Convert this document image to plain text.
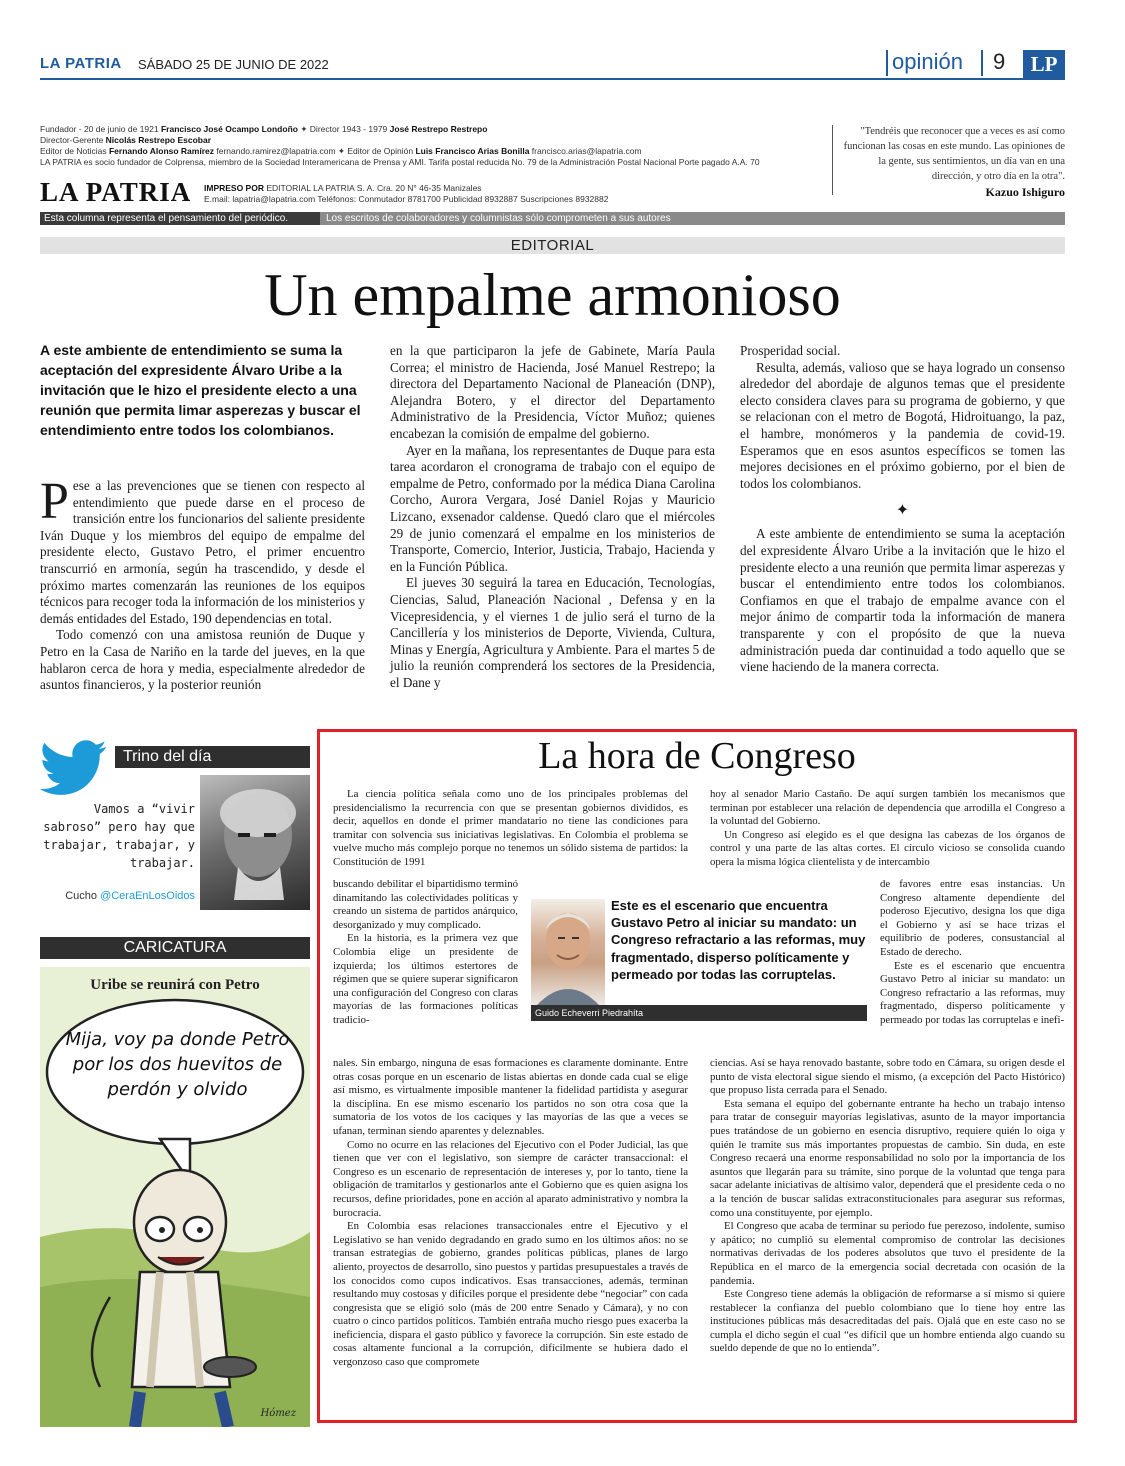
LA PATRIA SÁBADO 25 DE JUNIO DE 2022	opinión 9	LP
Fundador - 20 de junio de 1921 Francisco José Ocampo Londoño ✦ Director 1943 - 1979 José Restrepo Restrepo
Director-Gerente Nicolás Restrepo Escobar
Editor de Noticias Fernando Alonso Ramírez fernando.ramirez@lapatria.com ✦ Editor de Opinión Luis Francisco Arias Bonilla francisco.arias@lapatria.com
LA PATRIA es socio fundador de Colprensa, miembro de la Sociedad Interamericana de Prensa y AMI. Tarifa postal reducida No. 79 de la Administración Postal Nacional Porte pagado A.A. 70
LA PATRIA IMPRESO POR EDITORIAL LA PATRIA S. A. Cra. 20 N° 46-35 Manizales
E.mail: lapatria@lapatria.com Teléfonos: Conmutador 8781700 Publicidad 8932887 Suscripciones 8932882
"Tendréis que reconocer que a veces es así como funcionan las cosas en este mundo. Las opiniones de la gente, sus sentimientos, un día van en una dirección, y otro día en la otra".
Kazuo Ishiguro
Esta columna representa el pensamiento del periódico.	Los escritos de colaboradores y columnistas sólo comprometen a sus autores
EDITORIAL
Un empalme armonioso
A este ambiente de entendimiento se suma la aceptación del expresidente Álvaro Uribe a la invitación que le hizo el presidente electo a una reunión que permita limar asperezas y buscar el entendimiento entre todos los colombianos.

Pese a las prevenciones que se tienen con respecto al entendimiento que puede darse en el proceso de transición entre los funcionarios del saliente presidente Iván Duque y los miembros del equipo de empalme del presidente electo, Gustavo Petro, el primer encuentro transcurrió en armonía, según ha trascendido, y desde el próximo martes comenzarán las reuniones de los equipos técnicos para recoger toda la información de los ministerios y demás entidades del Estado, 190 dependencias en total.

Todo comenzó con una amistosa reunión de Duque y Petro en la Casa de Nariño en la tarde del jueves, en la que hablaron cerca de hora y media, especialmente alrededor de asuntos financieros, y la posterior reunión

en la que participaron la jefe de Gabinete, María Paula Correa; el ministro de Hacienda, José Manuel Restrepo; la directora del Departamento Nacional de Planeación (DNP), Alejandra Botero, y el director del Departamento Administrativo de la Presidencia, Víctor Muñoz; quienes encabezan la comisión de empalme del gobierno.

Ayer en la mañana, los representantes de Duque para esta tarea acordaron el cronograma de trabajo con el equipo de empalme de Petro, conformado por la médica Diana Carolina Corcho, Aurora Vergara, José Daniel Rojas y Mauricio Lizcano, exsenador caldense. Quedó claro que el miércoles 29 de junio comenzará el empalme en los ministerios de Transporte, Comercio, Interior, Justicia, Trabajo, Hacienda y en la Función Pública.

El jueves 30 seguirá la tarea en Educación, Tecnologías, Ciencias, Salud, Planeación Nacional , Defensa y en la Vicepresidencia, y el viernes 1 de julio será el turno de la Cancillería y los ministerios de Deporte, Vivienda, Cultura, Minas y Energía, Agricultura y Ambiente. Para el martes 5 de julio la reunión comprenderá los sectores de la Presidencia, el Dane y

Prosperidad social.

Resulta, además, valioso que se haya logrado un consenso alrededor del abordaje de algunos temas que el presidente electo considera claves para su programa de gobierno, y que se relacionan con el metro de Bogotá, Hidroituango, la paz, el hambre, monómeros y la pandemia de covid-19. Esperamos que en esos asuntos específicos se tomen las mejores decisiones en el próximo gobierno, por el bien de todos los colombianos.

✦

A este ambiente de entendimiento se suma la aceptación del expresidente Álvaro Uribe a la invitación que le hizo el presidente electo a una reunión que permita limar asperezas y buscar el entendimiento entre todos los colombianos. Confiamos en que el trabajo de empalme avance con el mejor ánimo de compartir toda la información de manera transparente y con el propósito de que la nueva administración pueda dar continuidad a todo aquello que se viene haciendo de la manera correcta.

Trino del día
Vamos a “vivir sabroso” pero hay que trabajar, trabajar, y trabajar.
Cucho @CeraEnLosOidos
CARICATURA
Uribe se reunirá con Petro
Mija, voy pa donde Petro por los dos huevitos de perdón y olvido
Hómez
La hora de Congreso

La ciencia política señala como uno de los principales problemas del presidencialismo la recurrencia con que se presentan gobiernos divididos, es decir, aquellos en donde el primer mandatario no tiene las condiciones para tramitar con solvencia sus iniciativas legislativas. En Colombia el problema se vuelve mucho más complejo porque no tenemos un sólido sistema de partidos: la Constitución de 1991

buscando debilitar el bipartidismo terminó dinamitando las colectividades políticas y creando un sistema de partidos anárquico, desorganizado y muy complicado.

En la historia, es la primera vez que Colombia elige un presidente de izquierda; los últimos estertores de régimen que se quiere superar significaron una configuración del Congreso con claras mayorías de las formaciones políticas tradicio-

nales. Sin embargo, ninguna de esas formaciones es claramente dominante. Entre otras cosas porque en un escenario de listas abiertas en donde cada cual se elige así mismo, es virtualmente imposible mantener la fidelidad partidista y asegurar la disciplina. En ese mismo escenario los partidos no son otra cosa que la sumatoria de los votos de los caciques y las mayorías de las que a veces se ufanan, terminan siendo aparentes y deleznables.

Como no ocurre en las relaciones del Ejecutivo con el Poder Judicial, las que tienen que ver con el legislativo, son siempre de carácter transaccional: el Congreso es un escenario de representación de intereses y, por lo tanto, tiene la obligación de tramitarlos y gestionarlos ante el Gobierno que es quien asigna los recursos, define prioridades, pone en acción al aparato administrativo y nombra la burocracia.

En Colombia esas relaciones transaccionales entre el Ejecutivo y el Legislativo se han venido degradando en grado sumo en los últimos años: no se transan estrategias de gobierno, grandes políticas públicas, planes de largo aliento, proyectos de desarrollo, sino puestos y partidas presupuestales a través de los conocidos como cupos indicativos. Esas transacciones, además, terminan resultando muy costosas y difíciles porque el presidente debe “negociar” con cada congresista que se eligió solo (más de 200 entre Senado y Cámara), y no con cuatro o cinco partidos políticos. También entraña mucho riesgo pues exacerba la ineficiencia, dispara el gasto público y favorece la corrupción. Sin este estado de cosas altamente funcional a la corrupción, difícilmente se hubiera dado el vergonzoso caso que compromete

hoy al senador Mario Castaño. De aquí surgen también los mecanismos que terminan por establecer una relación de dependencia que arrodilla el Congreso a la voluntad del Gobierno.

Un Congreso así elegido es el que designa las cabezas de los órganos de control y una parte de las altas cortes. El círculo vicioso se consolida cuando opera la misma lógica clientelista y de intercambio

de favores entre esas instancias. Un Congreso altamente dependiente del poderoso Ejecutivo, designa los que diga el Gobierno y así se hace trizas el equilibrio de poderes, consustancial al Estado de derecho.

Este es el escenario que encuentra Gustavo Petro al iniciar su mandato: un Congreso refractario a las reformas, muy fragmentado, disperso políticamente y permeado por todas las corruptelas e inefi-

ciencias. Así se haya renovado bastante, sobre todo en Cámara, su origen desde el punto de vista electoral sigue siendo el mismo, (a excepción del Pacto Histórico) que propuso lista cerrada para el Senado.

Esta semana el equipo del gobernante entrante ha hecho un trabajo intenso para tratar de conseguir mayorías legislativas, asunto de la mayor importancia pues tratándose de un gobierno en esencia disruptivo, requiere quién lo oiga y quién le tramite sus más importantes propuestas de cambio. Sin duda, en este Congreso recaerá una enorme responsabilidad no solo por la importancia de los asuntos que llegarán para su trámite, sino porque de la voluntad que tenga para sacar adelante iniciativas de altísimo valor, dependerá que el presidente ceda o no a la tención de buscar salidas extraconstitucionales para asegurar sus reformas, como una constituyente, por ejemplo.

El Congreso que acaba de terminar su periodo fue perezoso, indolente, sumiso y apático; no cumplió su elemental compromiso de controlar las decisiones normativas derivadas de los poderes absolutos que tuvo el presidente de la República en el marco de la emergencia social decretada con ocasión de la pandemia.

Este Congreso tiene además la obligación de reformarse a sí mismo si quiere restablecer la confianza del pueblo colombiano que lo tiene hoy entre las instituciones públicas más desacreditadas del país. Ojalá que en este caso no se cumpla el dicho según el cual “es difícil que un hombre entienda algo cuando su sueldo depende de que no lo entienda”.

Este es el escenario que encuentra Gustavo Petro al iniciar su mandato: un Congreso refractario a las reformas, muy fragmentado, disperso políticamente y permeado por todas las corruptelas.
Guido Echeverri Piedrahíta
